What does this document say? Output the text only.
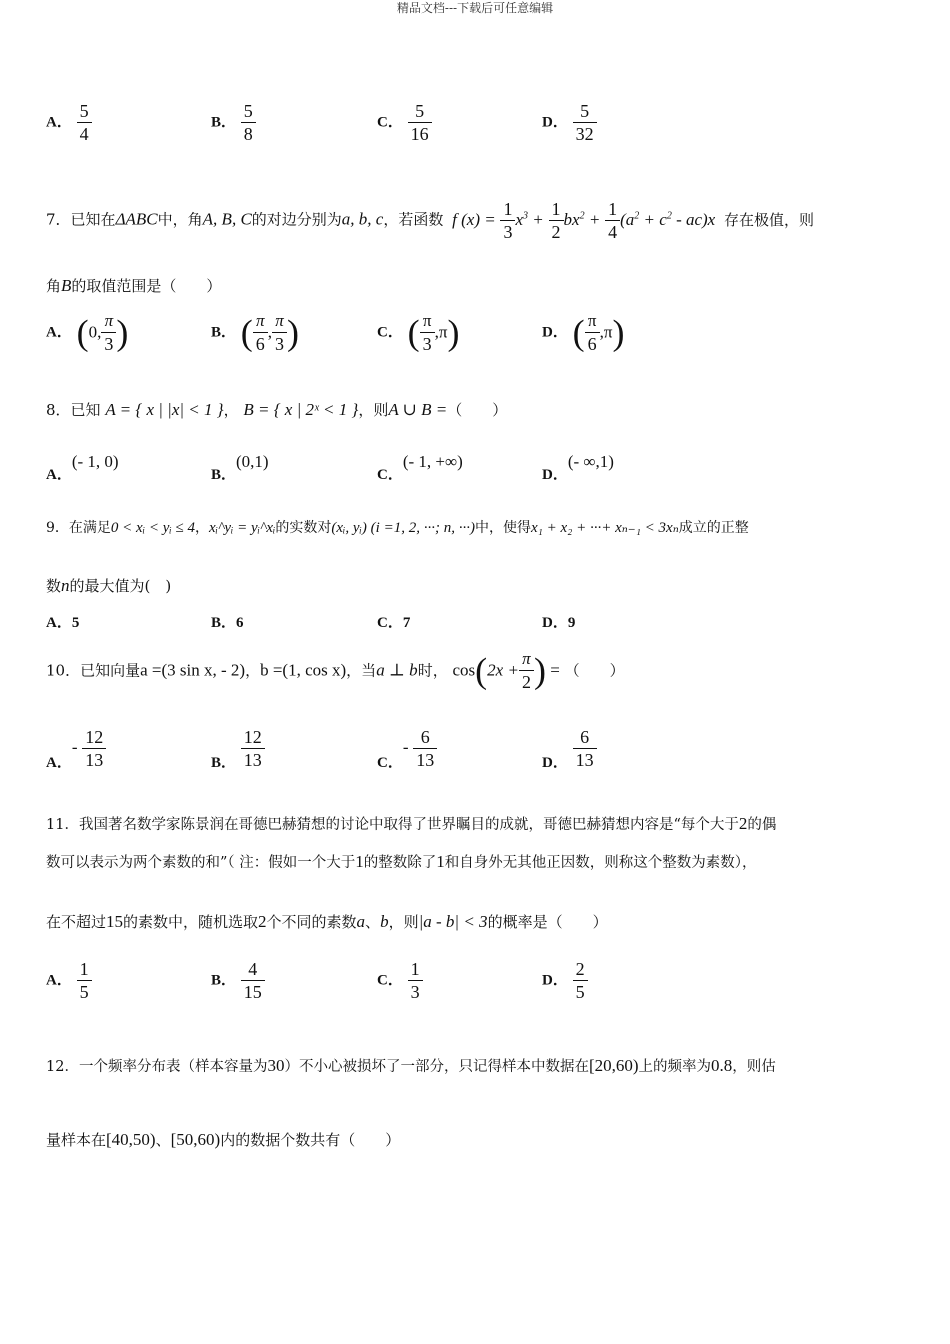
精品文档---下载后可任意编辑
A． $\frac{5}{4}$	B． $\frac{5}{8}$	C． $\frac{5}{16}$	D． $\frac{5}{32}$
7．已知在ΔABC中，角A, B, C的对边分别为a, b, c，若函数 f $(x) = \frac{1}{3} x^3 + \frac{1}{2} bx^2 + \frac{1}{4} (a^2 + c^2 - ac)x$ 存在极值，则
角B的取值范围是（　　）
A． (0, $\frac{\pi}{3}$ )	B． ( $\frac{\pi}{6}$ , $\frac{\pi}{3}$ )	C． ( $\frac{\pi}{3} ,\pi$)	D． ( $\frac{\pi}{6} ,\pi$)
8．已知 A = { x | |x| < 1 }， B = { x | 2ˣ < 1 }，则A ∪ B =（　　）
A．(- 1, 0)
B．(0,1)
C．(- 1, +∞)
D．(- ∞,1)
9．在满足0 < xᵢ < yᵢ ≤ 4，xᵢ^yᵢ = yᵢ^xᵢ的实数对(xᵢ, yᵢ) (i =1, 2, ···; n, ···)中，使得x₁ + x₂ + ···+ xₙ₋₁ < 3xₙ成立的正整
数n的最大值为(　)
A．5	B．6	C．7	D．9
10．已知向量a =(3 sin x, - 2)，b =(1, cos x)，当a ⊥ b时， $\cos(2x + \frac{\pi}{2}$ ) = （　　）
A．- $\frac{12}{13}$	B． $\frac{12}{13}$	C．- $\frac{6}{13}$	D． $\frac{6}{13}$
11．我国著名数学家陈景润在哥德巴赫猜想的讨论中取得了世界瞩目的成就，哥德巴赫猜想内容是“每个大于2的偶
数可以表示为两个素数的和”（ 注：假如一个大于1的整数除了1和自身外无其他正因数，则称这个整数为素数），
在不超过15的素数中，随机选取2个不同的素数a、b，则|a - b| < 3的概率是（　　）
A． $\frac{1}{5}$	B． $\frac{4}{15}$	C． $\frac{1}{3}$	D． $\frac{2}{5}$
12．一个频率分布表（样本容量为30）不小心被损坏了一部分，只记得样本中数据在[20,60)上的频率为0.8，则估
量样本在[40,50)、[50,60)内的数据个数共有（　　）
